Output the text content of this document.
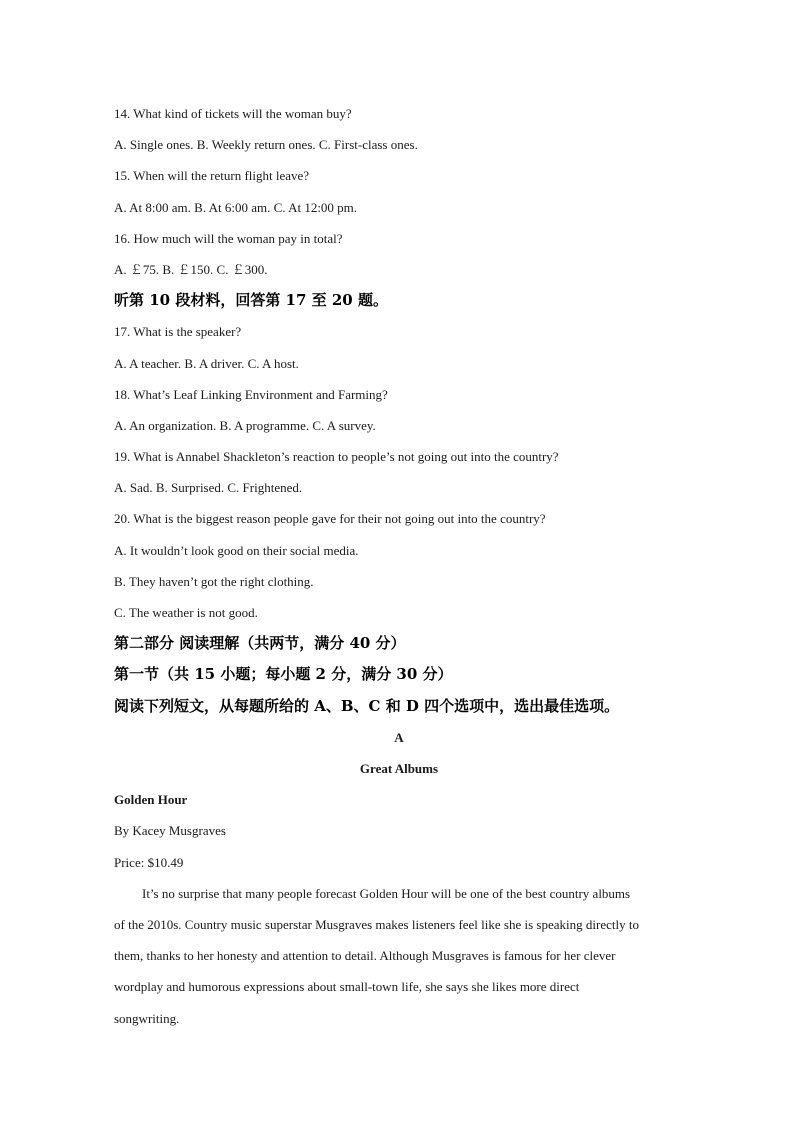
14. What kind of tickets will the woman buy?
A. Single ones. B. Weekly return ones. C. First-class ones.
15. When will the return flight leave?
A. At 8:00 am. B. At 6:00 am. C. At 12:00 pm.
16. How much will the woman pay in total?
A. ￡75. B. ￡150. C. ￡300.
听第 10 段材料，回答第 17 至 20 题。
17. What is the speaker?
A. A teacher. B. A driver. C. A host.
18. What’s Leaf Linking Environment and Farming?
A. An organization. B. A programme. C. A survey.
19. What is Annabel Shackleton’s reaction to people’s not going out into the country?
A. Sad. B. Surprised. C. Frightened.
20. What is the biggest reason people gave for their not going out into the country?
A. It wouldn’t look good on their social media.
B. They haven’t got the right clothing.
C. The weather is not good.
第二部分 阅读理解（共两节，满分 40 分）
第一节（共 15 小题；每小题 2 分，满分 30 分）
阅读下列短文，从每题所给的 A、B、C 和 D 四个选项中，选出最佳选项。
A
Great Albums
Golden Hour
By Kacey Musgraves
Price: $10.49
It’s no surprise that many people forecast Golden Hour will be one of the best country albums
of the 2010s. Country music superstar Musgraves makes listeners feel like she is speaking directly to
them, thanks to her honesty and attention to detail. Although Musgraves is famous for her clever
wordplay and humorous expressions about small-town life, she says she likes more direct
songwriting.
